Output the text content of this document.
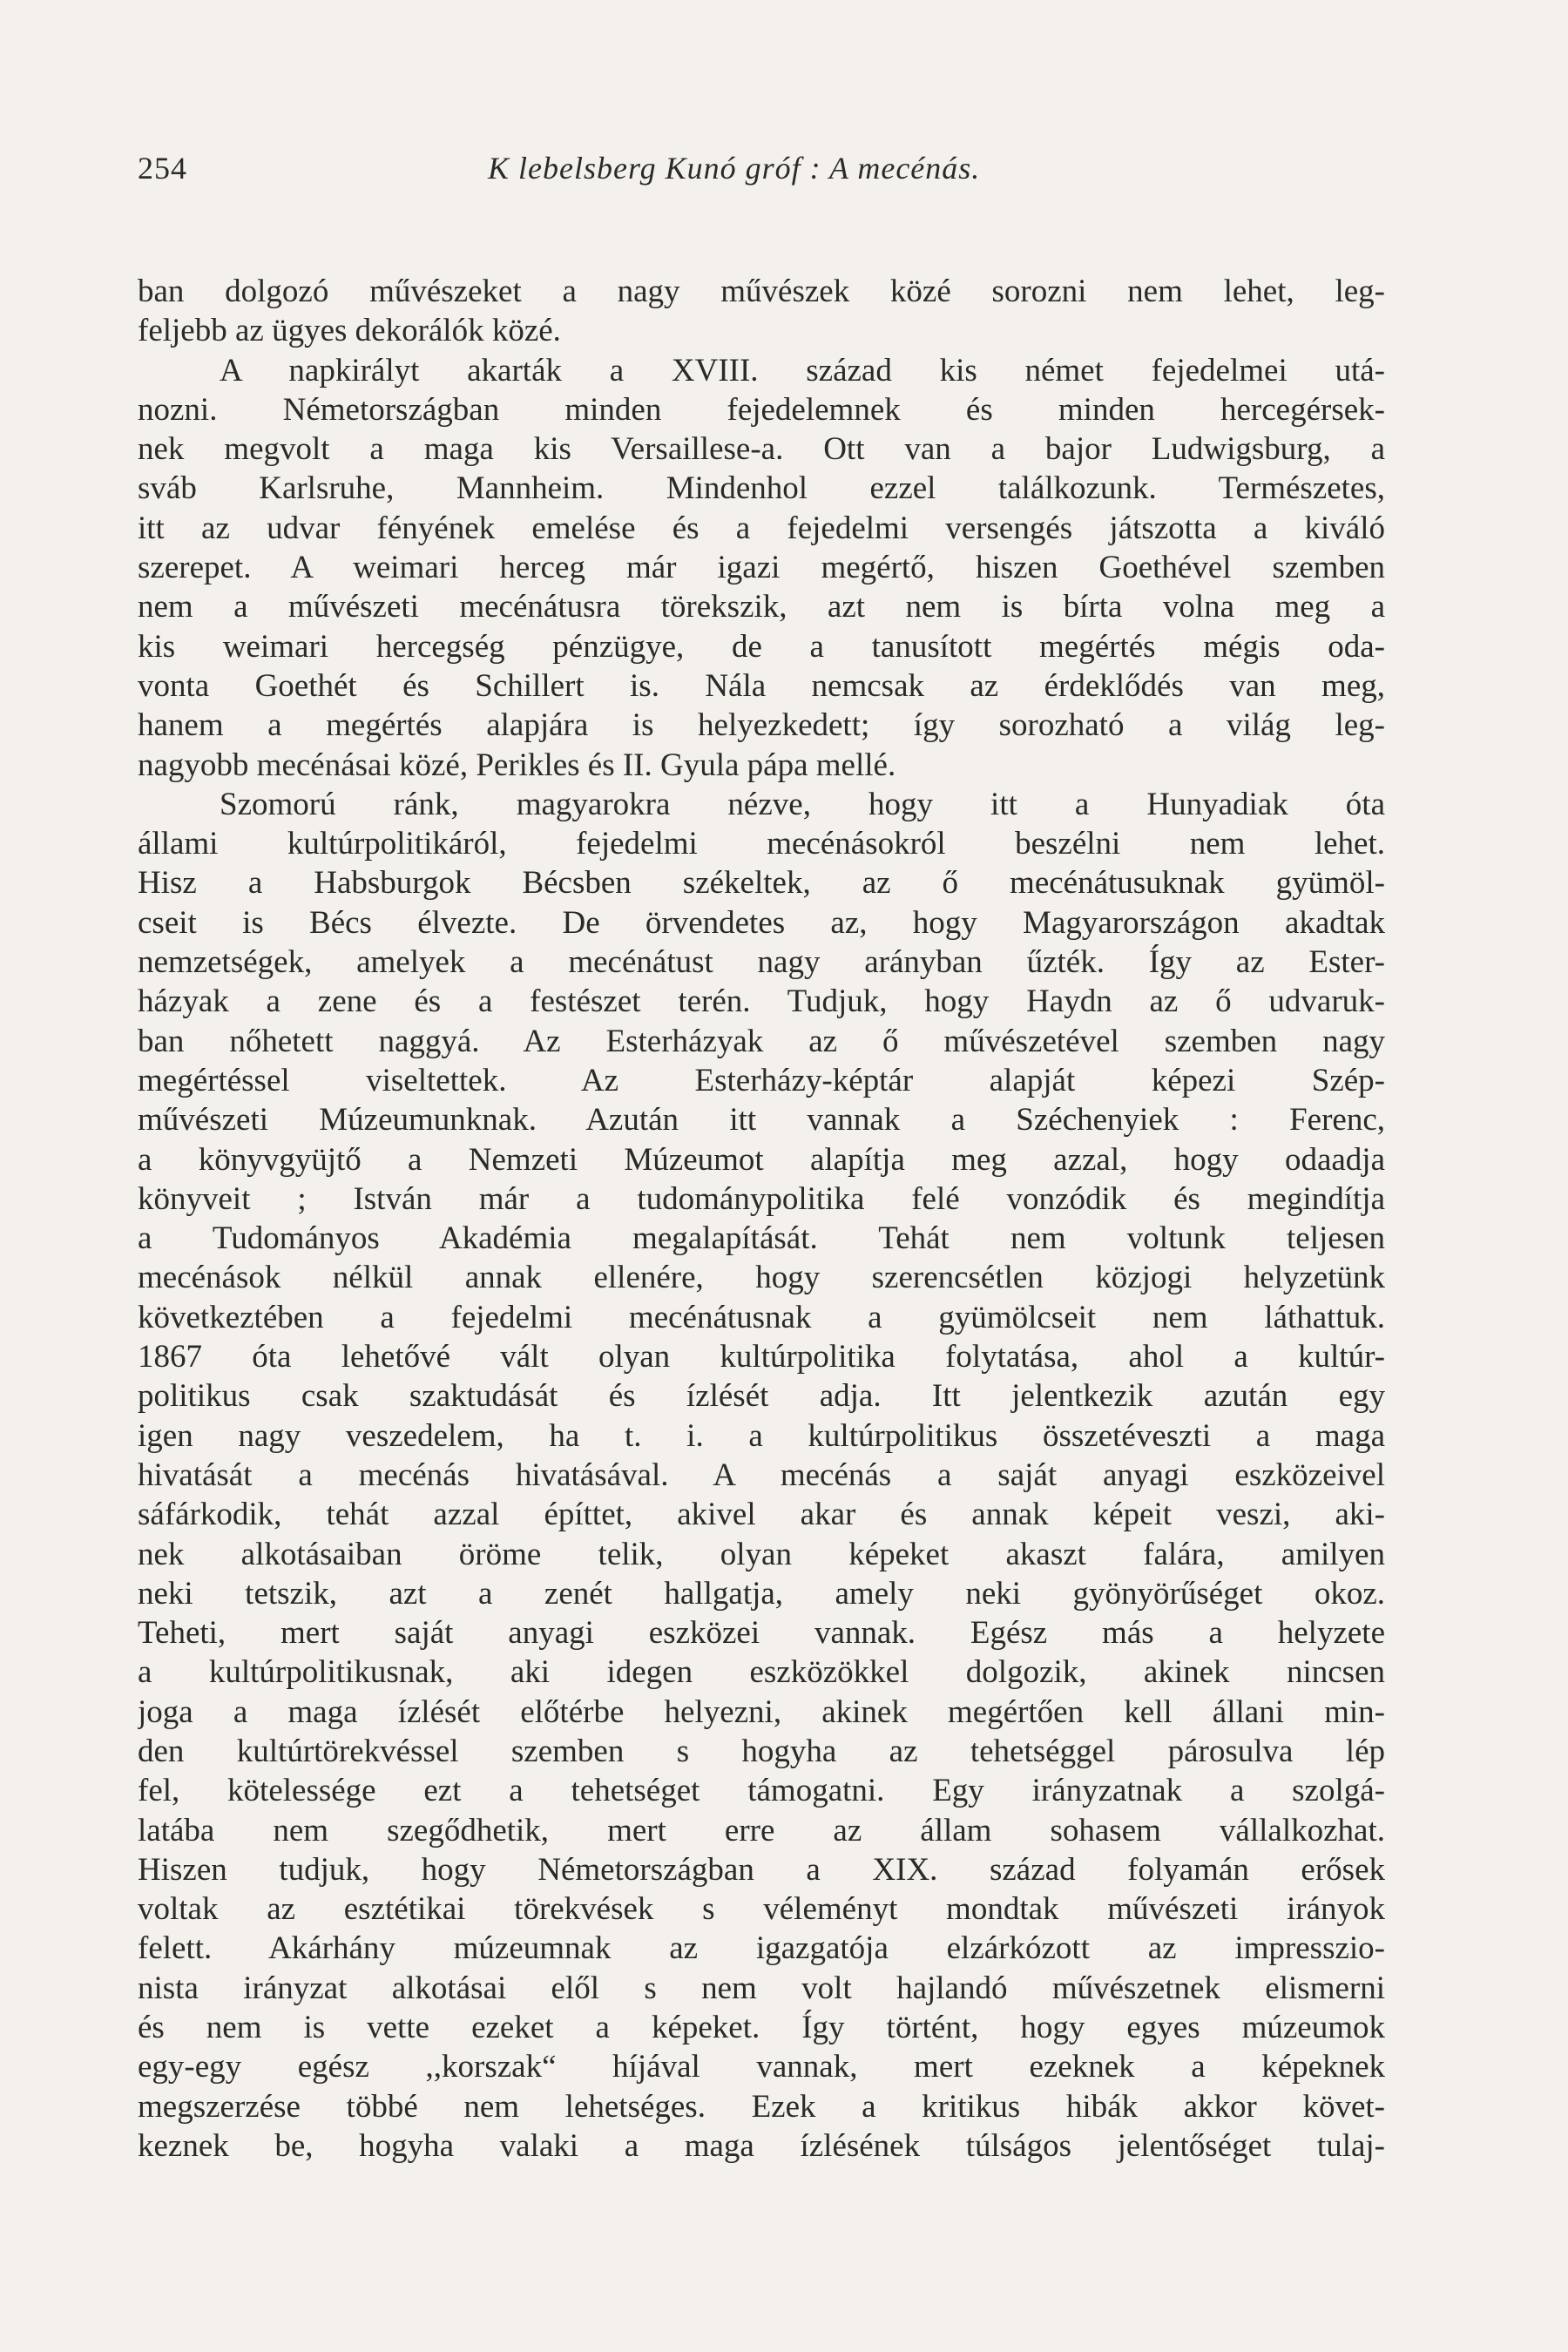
254	K lebelsberg Kunó gróf : A mecénás.
ban dolgozó művészeket a nagy művészek közé sorozni nem lehet, leg-
feljebb az ügyes dekorálók közé.
A napkirályt akarták a XVIII. század kis német fejedelmei utá-
nozni. Németországban minden fejedelemnek és minden hercegérsek-
nek megvolt a maga kis Versaillese-a. Ott van a bajor Ludwigsburg, a
sváb Karlsruhe, Mannheim. Mindenhol ezzel találkozunk. Természetes,
itt az udvar fényének emelése és a fejedelmi versengés játszotta a kiváló
szerepet. A weimari herceg már igazi megértő, hiszen Goethével szemben
nem a művészeti mecénátusra törekszik, azt nem is bírta volna meg a
kis weimari hercegség pénzügye, de a tanusított megértés mégis oda-
vonta Goethét és Schillert is. Nála nemcsak az érdeklődés van meg,
hanem a megértés alapjára is helyezkedett; így sorozható a világ leg-
nagyobb mecénásai közé, Perikles és II. Gyula pápa mellé.
Szomorú ránk, magyarokra nézve, hogy itt a Hunyadiak óta
állami kultúrpolitikáról, fejedelmi mecénásokról beszélni nem lehet.
Hisz a Habsburgok Bécsben székeltek, az ő mecénátusuknak gyümöl-
cseit is Bécs élvezte. De örvendetes az, hogy Magyarországon akadtak
nemzetségek, amelyek a mecénátust nagy arányban űzték. Így az Ester-
házyak a zene és a festészet terén. Tudjuk, hogy Haydn az ő udvaruk-
ban nőhetett naggyá. Az Esterházyak az ő művészetével szemben nagy
megértéssel viseltettek. Az Esterházy-képtár alapját képezi Szép-
művészeti Múzeumunknak. Azután itt vannak a Széchenyiek : Ferenc,
a könyvgyüjtő a Nemzeti Múzeumot alapítja meg azzal, hogy odaadja
könyveit ; István már a tudománypolitika felé vonzódik és megindítja
a Tudományos Akadémia megalapítását. Tehát nem voltunk teljesen
mecénások nélkül annak ellenére, hogy szerencsétlen közjogi helyzetünk
következtében a fejedelmi mecénátusnak a gyümölcseit nem láthattuk.
1867 óta lehetővé vált olyan kultúrpolitika folytatása, ahol a kultúr-
politikus csak szaktudását és ízlését adja. Itt jelentkezik azután egy
igen nagy veszedelem, ha t. i. a kultúrpolitikus összetéveszti a maga
hivatását a mecénás hivatásával. A mecénás a saját anyagi eszközeivel
sáfárkodik, tehát azzal építtet, akivel akar és annak képeit veszi, aki-
nek alkotásaiban öröme telik, olyan képeket akaszt falára, amilyen
neki tetszik, azt a zenét hallgatja, amely neki gyönyörűséget okoz.
Teheti, mert saját anyagi eszközei vannak. Egész más a helyzete
a kultúrpolitikusnak, aki idegen eszközökkel dolgozik, akinek nincsen
joga a maga ízlését előtérbe helyezni, akinek megértően kell állani min-
den kultúrtörekvéssel szemben s hogyha az tehetséggel párosulva lép
fel, kötelessége ezt a tehetséget támogatni. Egy irányzatnak a szolgá-
latába nem szegődhetik, mert erre az állam sohasem vállalkozhat.
Hiszen tudjuk, hogy Németországban a XIX. század folyamán erősek
voltak az esztétikai törekvések s véleményt mondtak művészeti irányok
felett. Akárhány múzeumnak az igazgatója elzárkózott az impresszio-
nista irányzat alkotásai elől s nem volt hajlandó művészetnek elismerni
és nem is vette ezeket a képeket. Így történt, hogy egyes múzeumok
egy-egy egész ,,korszak“ híjával vannak, mert ezeknek a képeknek
megszerzése többé nem lehetséges. Ezek a kritikus hibák akkor követ-
keznek be, hogyha valaki a maga ízlésének túlságos jelentőséget tulaj-
